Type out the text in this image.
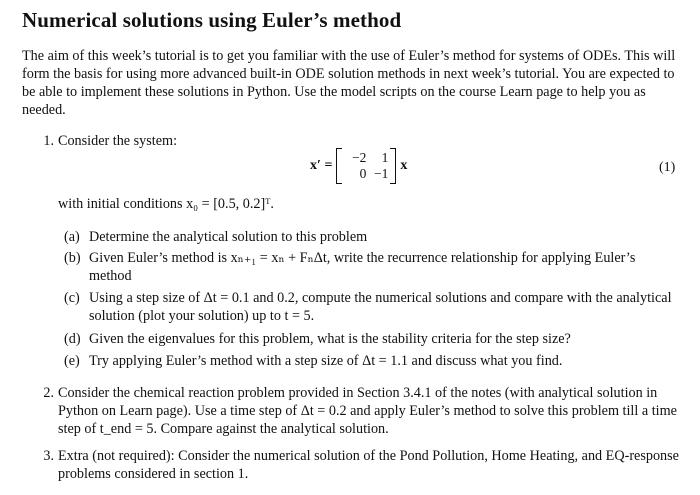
Numerical solutions using Euler’s method

The aim of this week’s tutorial is to get you familiar with the use of Euler’s method for systems of ODEs. This will form the basis for using more advanced built-in ODE solution methods in next week’s tutorial. You are expected to be able to implement these solutions in Python. Use the model scripts on the course Learn page to help you as needed.

1. Consider the system:
x′ =
−2	1
0 −1
x	(1)
with initial conditions x₀ = [0.5, 0.2]ᵀ.
(a) Determine the analytical solution to this problem
(b) Given Euler’s method is xₙ₊₁ = xₙ + FₙΔt, write the recurrence relationship for applying Euler’s method
(c) Using a step size of Δt = 0.1 and 0.2, compute the numerical solutions and compare with the analytical solution (plot your solution) up to t = 5.
(d) Given the eigenvalues for this problem, what is the stability criteria for the step size?
(e) Try applying Euler’s method with a step size of Δt = 1.1 and discuss what you find.
2. Consider the chemical reaction problem provided in Section 3.4.1 of the notes (with analytical solution in Python on Learn page). Use a time step of Δt = 0.2 and apply Euler’s method to solve this problem till a time step of t_end = 5. Compare against the analytical solution.
3. Extra (not required): Consider the numerical solution of the Pond Pollution, Home Heating, and EQ-response problems considered in section 1.
